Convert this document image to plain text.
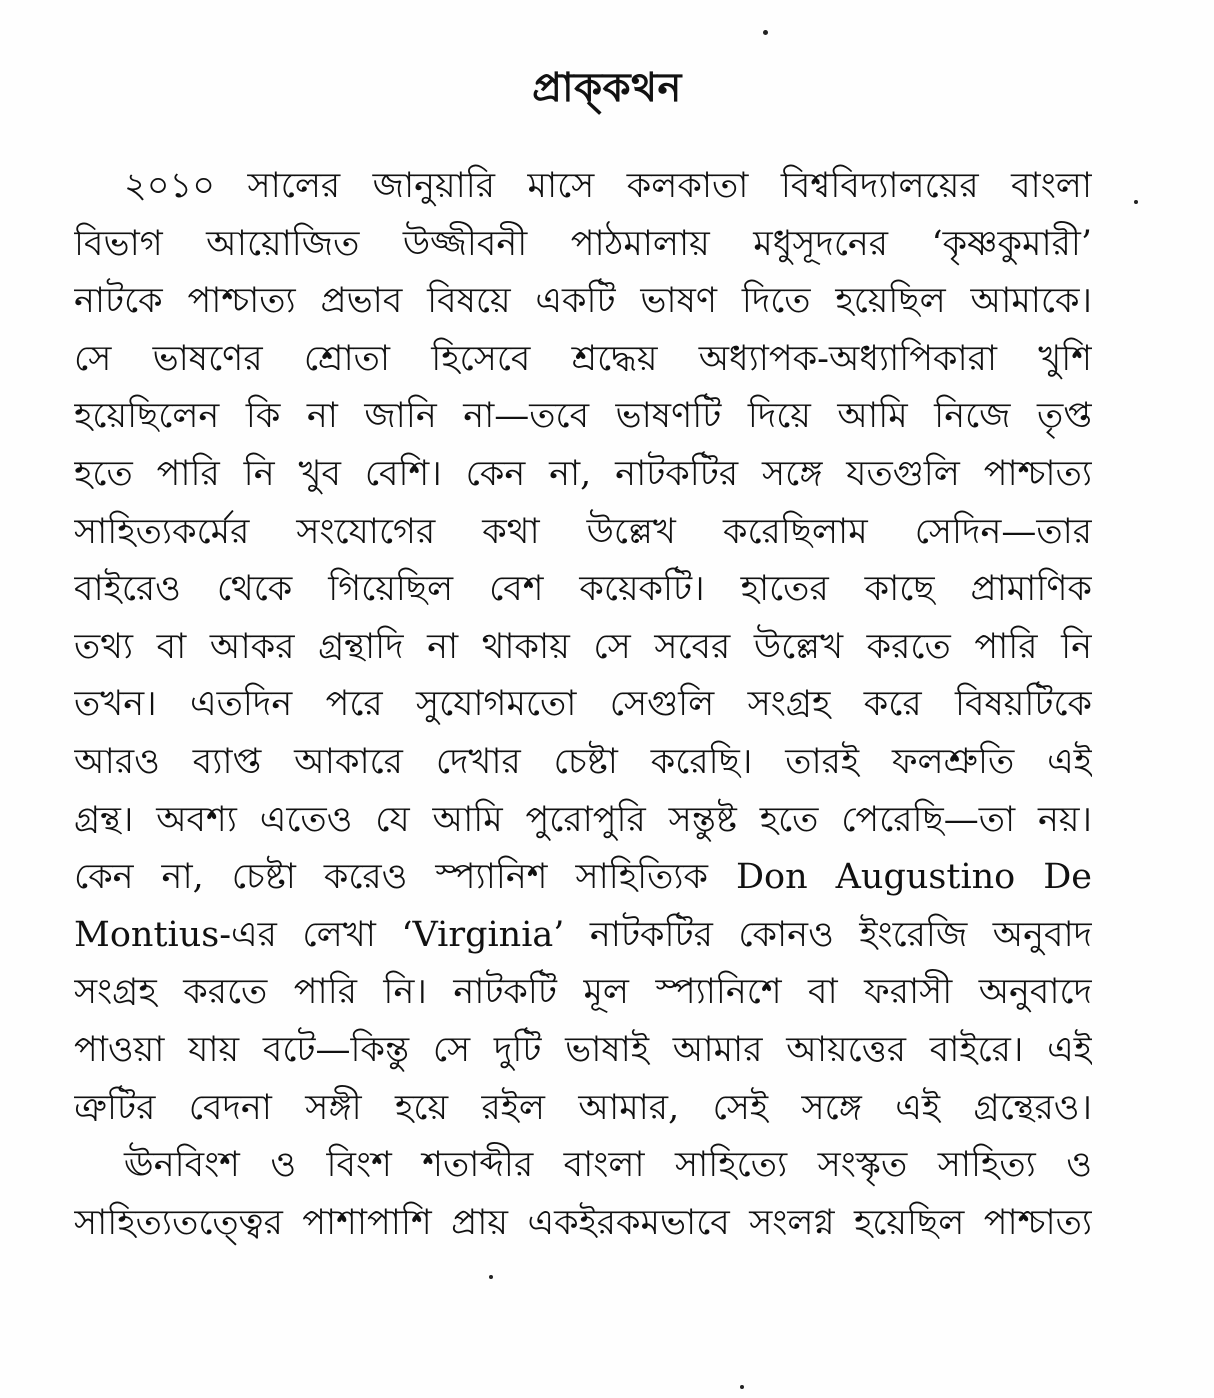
প্রাক্‌কথন
২০১০ সালের জানুয়ারি মাসে কলকাতা বিশ্ববিদ্যালয়ের বাংলা
বিভাগ আয়োজিত উজ্জীবনী পাঠমালায় মধুসূদনের ‘কৃষ্ণকুমারী’
নাটকে পাশ্চাত্য প্রভাব বিষয়ে একটি ভাষণ দিতে হয়েছিল আমাকে।
সে ভাষণের শ্রোতা হিসেবে শ্রদ্ধেয় অধ্যাপক-অধ্যাপিকারা খুশি
হয়েছিলেন কি না জানি না—তবে ভাষণটি দিয়ে আমি নিজে তৃপ্ত
হতে পারি নি খুব বেশি। কেন না, নাটকটির সঙ্গে যতগুলি পাশ্চাত্য
সাহিত্যকর্মের সংযোগের কথা উল্লেখ করেছিলাম সেদিন—তার
বাইরেও থেকে গিয়েছিল বেশ কয়েকটি। হাতের কাছে প্রামাণিক
তথ্য বা আকর গ্রন্থাদি না থাকায় সে সবের উল্লেখ করতে পারি নি
তখন। এতদিন পরে সুযোগমতো সেগুলি সংগ্রহ করে বিষয়টিকে
আরও ব্যাপ্ত আকারে দেখার চেষ্টা করেছি। তারই ফলশ্রুতি এই
গ্রন্থ। অবশ্য এতেও যে আমি পুরোপুরি সন্তুষ্ট হতে পেরেছি—তা নয়।
কেন না, চেষ্টা করেও স্প্যানিশ সাহিত্যিক Don Augustino De
Montius-এর লেখা ‘Virginia’ নাটকটির কোনও ইংরেজি অনুবাদ
সংগ্রহ করতে পারি নি। নাটকটি মূল স্প্যানিশে বা ফরাসী অনুবাদে
পাওয়া যায় বটে—কিন্তু সে দুটি ভাষাই আমার আয়ত্তের বাইরে। এই
ত্রুটির বেদনা সঙ্গী হয়ে রইল আমার, সেই সঙ্গে এই গ্রন্থেরও।
ঊনবিংশ ও বিংশ শতাব্দীর বাংলা সাহিত্যে সংস্কৃত সাহিত্য ও
সাহিত্যতত্ত্বের পাশাপাশি প্রায় একইরকমভাবে সংলগ্ন হয়েছিল পাশ্চাত্য
